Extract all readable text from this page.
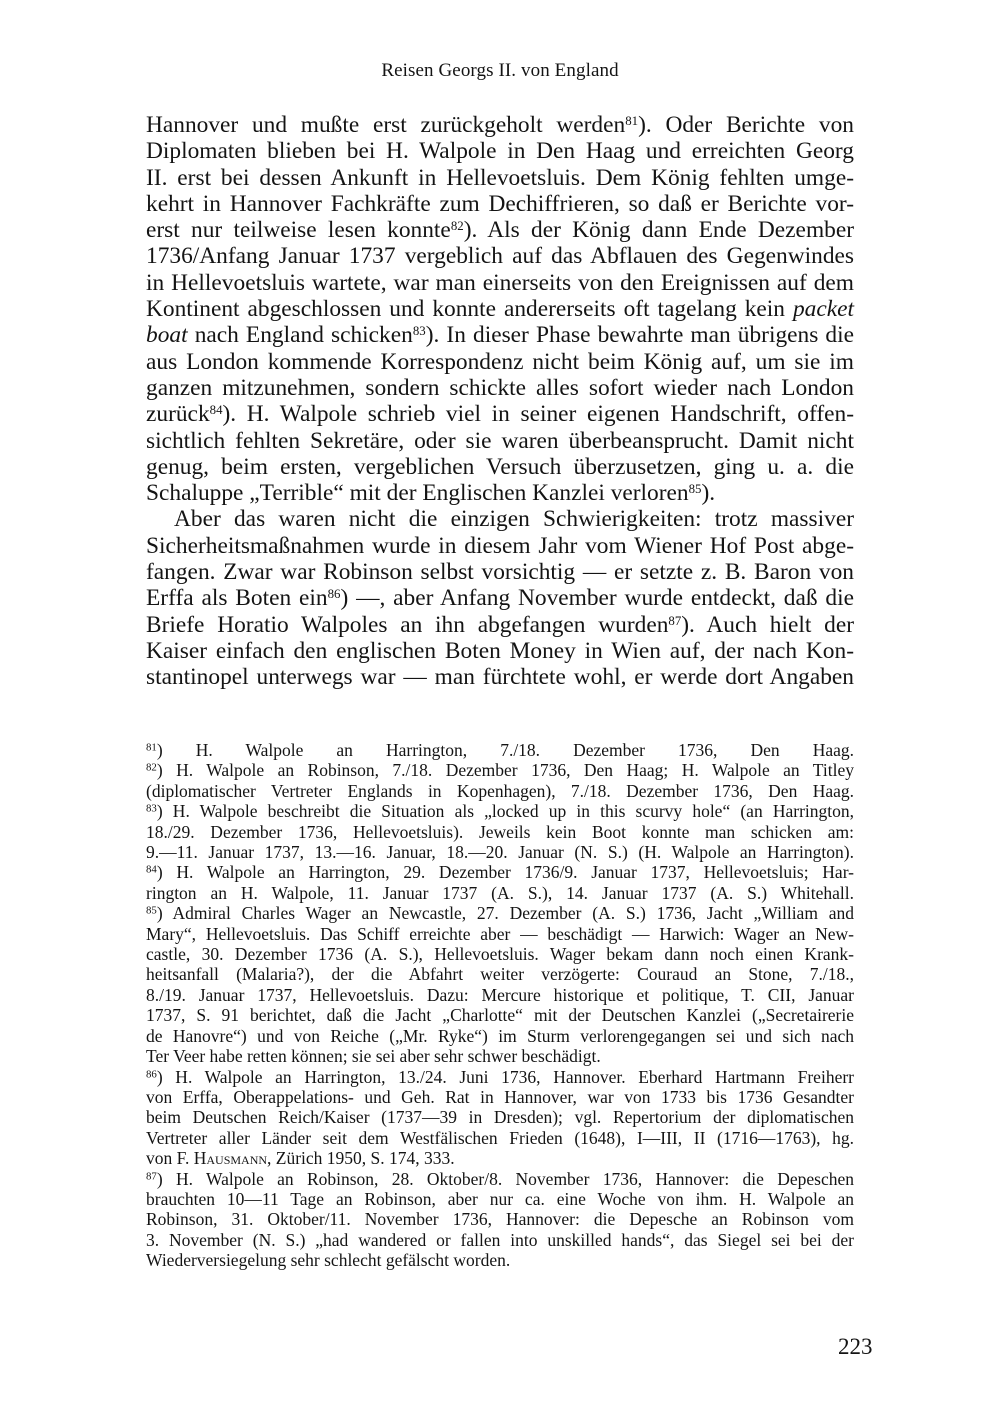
Reisen Georgs II. von England
Hannover und mußte erst zurückgeholt werden$^{81}$). Oder Berichte von
Diplomaten blieben bei H. Walpole in Den Haag und erreichten Georg
II. erst bei dessen Ankunft in Hellevoetsluis. Dem König fehlten umge-
kehrt in Hannover Fachkräfte zum Dechiffrieren, so daß er Berichte vor-
erst nur teilweise lesen konnte$^{82}$). Als der König dann Ende Dezember
1736/Anfang Januar 1737 vergeblich auf das Abflauen des Gegenwindes
in Hellevoetsluis wartete, war man einerseits von den Ereignissen auf dem
Kontinent abgeschlossen und konnte andererseits oft tagelang kein packet
boat nach England schicken$^{83}$). In dieser Phase bewahrte man übrigens die
aus London kommende Korrespondenz nicht beim König auf, um sie im
ganzen mitzunehmen, sondern schickte alles sofort wieder nach London
zurück$^{84}$). H. Walpole schrieb viel in seiner eigenen Handschrift, offen-
sichtlich fehlten Sekretäre, oder sie waren überbeansprucht. Damit nicht
genug, beim ersten, vergeblichen Versuch überzusetzen, ging u. a. die
Schaluppe „Terrible“ mit der Englischen Kanzlei verloren$^{85}$).
Aber das waren nicht die einzigen Schwierigkeiten: trotz massiver
Sicherheitsmaßnahmen wurde in diesem Jahr vom Wiener Hof Post abge-
fangen. Zwar war Robinson selbst vorsichtig — er setzte z. B. Baron von
Erffa als Boten ein$^{86}$) —, aber Anfang November wurde entdeckt, daß die
Briefe Horatio Walpoles an ihn abgefangen wurden$^{87}$). Auch hielt der
Kaiser einfach den englischen Boten Money in Wien auf, der nach Kon-
stantinopel unterwegs war — man fürchtete wohl, er werde dort Angaben
$^{81}$) H. Walpole an Harrington, 7./18. Dezember 1736, Den Haag.
$^{82}$) H. Walpole an Robinson, 7./18. Dezember 1736, Den Haag; H. Walpole an Titley
(diplomatischer Vertreter Englands in Kopenhagen), 7./18. Dezember 1736, Den Haag.
$^{83}$) H. Walpole beschreibt die Situation als „locked up in this scurvy hole“ (an Harrington,
18./29. Dezember 1736, Hellevoetsluis). Jeweils kein Boot konnte man schicken am:
9.—11. Januar 1737, 13.—16. Januar, 18.—20. Januar (N. S.) (H. Walpole an Harrington).
$^{84}$) H. Walpole an Harrington, 29. Dezember 1736/9. Januar 1737, Hellevoetsluis; Har-
rington an H. Walpole, 11. Januar 1737 (A. S.), 14. Januar 1737 (A. S.) Whitehall.
$^{85}$) Admiral Charles Wager an Newcastle, 27. Dezember (A. S.) 1736, Jacht „William and
Mary“, Hellevoetsluis. Das Schiff erreichte aber — beschädigt — Harwich: Wager an New-
castle, 30. Dezember 1736 (A. S.), Hellevoetsluis. Wager bekam dann noch einen Krank-
heitsanfall (Malaria?), der die Abfahrt weiter verzögerte: Couraud an Stone, 7./18.,
8./19. Januar 1737, Hellevoetsluis. Dazu: Mercure historique et politique, T. CII, Januar
1737, S. 91 berichtet, daß die Jacht „Charlotte“ mit der Deutschen Kanzlei („Secretairerie
de Hanovre“) und von Reiche („Mr. Ryke“) im Sturm verlorengegangen sei und sich nach
Ter Veer habe retten können; sie sei aber sehr schwer beschädigt.
$^{86}$) H. Walpole an Harrington, 13./24. Juni 1736, Hannover. Eberhard Hartmann Freiherr
von Erffa, Oberappelations- und Geh. Rat in Hannover, war von 1733 bis 1736 Gesandter
beim Deutschen Reich/Kaiser (1737—39 in Dresden); vgl. Repertorium der diplomatischen
Vertreter aller Länder seit dem Westfälischen Frieden (1648), I—III, II (1716—1763), hg.
von F. Hausmann, Zürich 1950, S. 174, 333.
$^{87}$) H. Walpole an Robinson, 28. Oktober/8. November 1736, Hannover: die Depeschen
brauchten 10—11 Tage an Robinson, aber nur ca. eine Woche von ihm. H. Walpole an
Robinson, 31. Oktober/11. November 1736, Hannover: die Depesche an Robinson vom
3. November (N. S.) „had wandered or fallen into unskilled hands“, das Siegel sei bei der
Wiederversiegelung sehr schlecht gefälscht worden.
223
